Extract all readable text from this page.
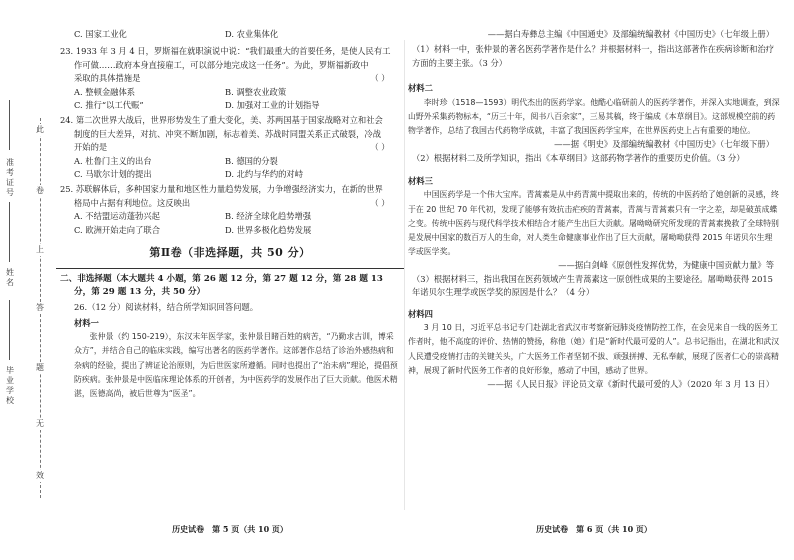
此
卷
上
答
题
无
效
准考证号
姓名
毕业学校
C. 国家工业化	D. 农业集体化
23. 1933 年 3 月 4 日，罗斯福在就职演说中说：“我们最重大的首要任务，是使人民有工
作可做……政府本身直接雇工，可以部分地完成这一任务”。为此，罗斯福新政中
采取的具体措施是	（ ）
A. 整顿金融体系	B. 调整农业政策
C. 推行“以工代赈”	D. 加强对工业的计划指导
24. 第二次世界大战后，世界形势发生了重大变化，美、苏两国基于国家战略对立和社会
制度的巨大差异，对抗、冲突不断加剧，标志着美、苏战时同盟关系正式破裂，冷战
开始的是	（ ）
A. 杜鲁门主义的出台	B. 德国的分裂
C. 马歇尔计划的提出	D. 北约与华约的对峙
25. 苏联解体后，多种国家力量和地区性力量趋势发展，力争增强经济实力，在新的世界
格局中占据有利地位。这反映出	（ ）
A. 不结盟运动蓬勃兴起	B. 经济全球化趋势增强
C. 欧洲开始走向了联合	D. 世界多极化趋势发展
第Ⅱ卷（非选择题，共 50 分）
二、非选择题（本大题共 4 小题，第 26 题 12 分，第 27 题 12 分，第 28 题 13
分，第 29 题 13 分，共 50 分）
26.（12 分）阅读材料，结合所学知识回答问题。
材料一
张仲景（约 150-219），东汉末年医学家，张仲景目睹百姓的病苦，“乃勤求古训，博采众方”，并结合自己的临床实践，编写出著名的医药学著作。这部著作总结了诊治外感热病和杂病的经验，提出了辨证论治原则，为后世医家所遵循。同时也提出了“治未病”理论，提倡预防疾病。张仲景是中医临床理论体系的开创者，为中医药学的发展作出了巨大贡献。他医术精湛，医德高尚，被后世尊为“医圣”。
历史试卷　第 5 页（共 10 页）
——据白寿彝总主编《中国通史》及部编统编教材《中国历史》（七年级上册）
（1）材料一中，张仲景的著名医药学著作是什么？并根据材料一，指出这部著作在疾病诊断和治疗方面的主要主张。（3 分）
材料二
李时珍（1518—1593）明代杰出的医药学家。他酷心临研前人的医药学著作，并深入实地调查，到深山野外采集药物标本，“历三十年，阅书八百余家”，三易其稿，终于编成《本草纲目》。这部规模空前的药物学著作，总结了我国古代药物学成就，丰富了我国医药学宝库，在世界医药史上占有重要的地位。
——据《明史》及部编统编教材《中国历史》（七年级下册）
（2）根据材料二及所学知识，指出《本草纲目》这部药物学著作的重要历史价值。（3 分）
材料三
中国医药学是一个伟大宝库。青蒿素是从中药青蒿中提取出来的，传统的中医药给了她创新的灵感，终于在 20 世纪 70 年代初，发现了能够有效抗击疟疾的青蒿素，青蒿与青蒿素只有一字之差，却是破茧成蝶之变。传统中医药与现代科学技术相结合才能产生出巨大贡献。屠呦呦研究所发现的青蒿素挽救了全球特别是发展中国家的数百万人的生命，对人类生命健康事业作出了巨大贡献，屠呦呦获得 2015 年诺贝尔生理学或医学奖。
——据白剑峰《原创性发挥优势，为健康中国贡献力量》等
（3）根据材料三，指出我国在医药领域产生青蒿素这一原创性成果的主要途径。屠呦呦获得 2015 年诺贝尔生理学或医学奖的原因是什么？（4 分）
材料四
3 月 10 日，习近平总书记专门赴湖北省武汉市考察新冠肺炎疫情防控工作，在会见来自一线的医务工作者时，他不高度的评价、热情的赞扬，称他（她）们是“新时代最可爱的人”。总书记指出，在湖北和武汉人民遭受疫情打击的关键关头，广大医务工作者坚韧不拔、顽强拼搏、无私奉献，展现了医者仁心的崇高精神，展现了新时代医务工作者的良好形象，感动了中国，感动了世界。
——据《人民日报》评论员文章《新时代最可爱的人》（2020 年 3 月 13 日）
历史试卷　第 6 页（共 10 页）
